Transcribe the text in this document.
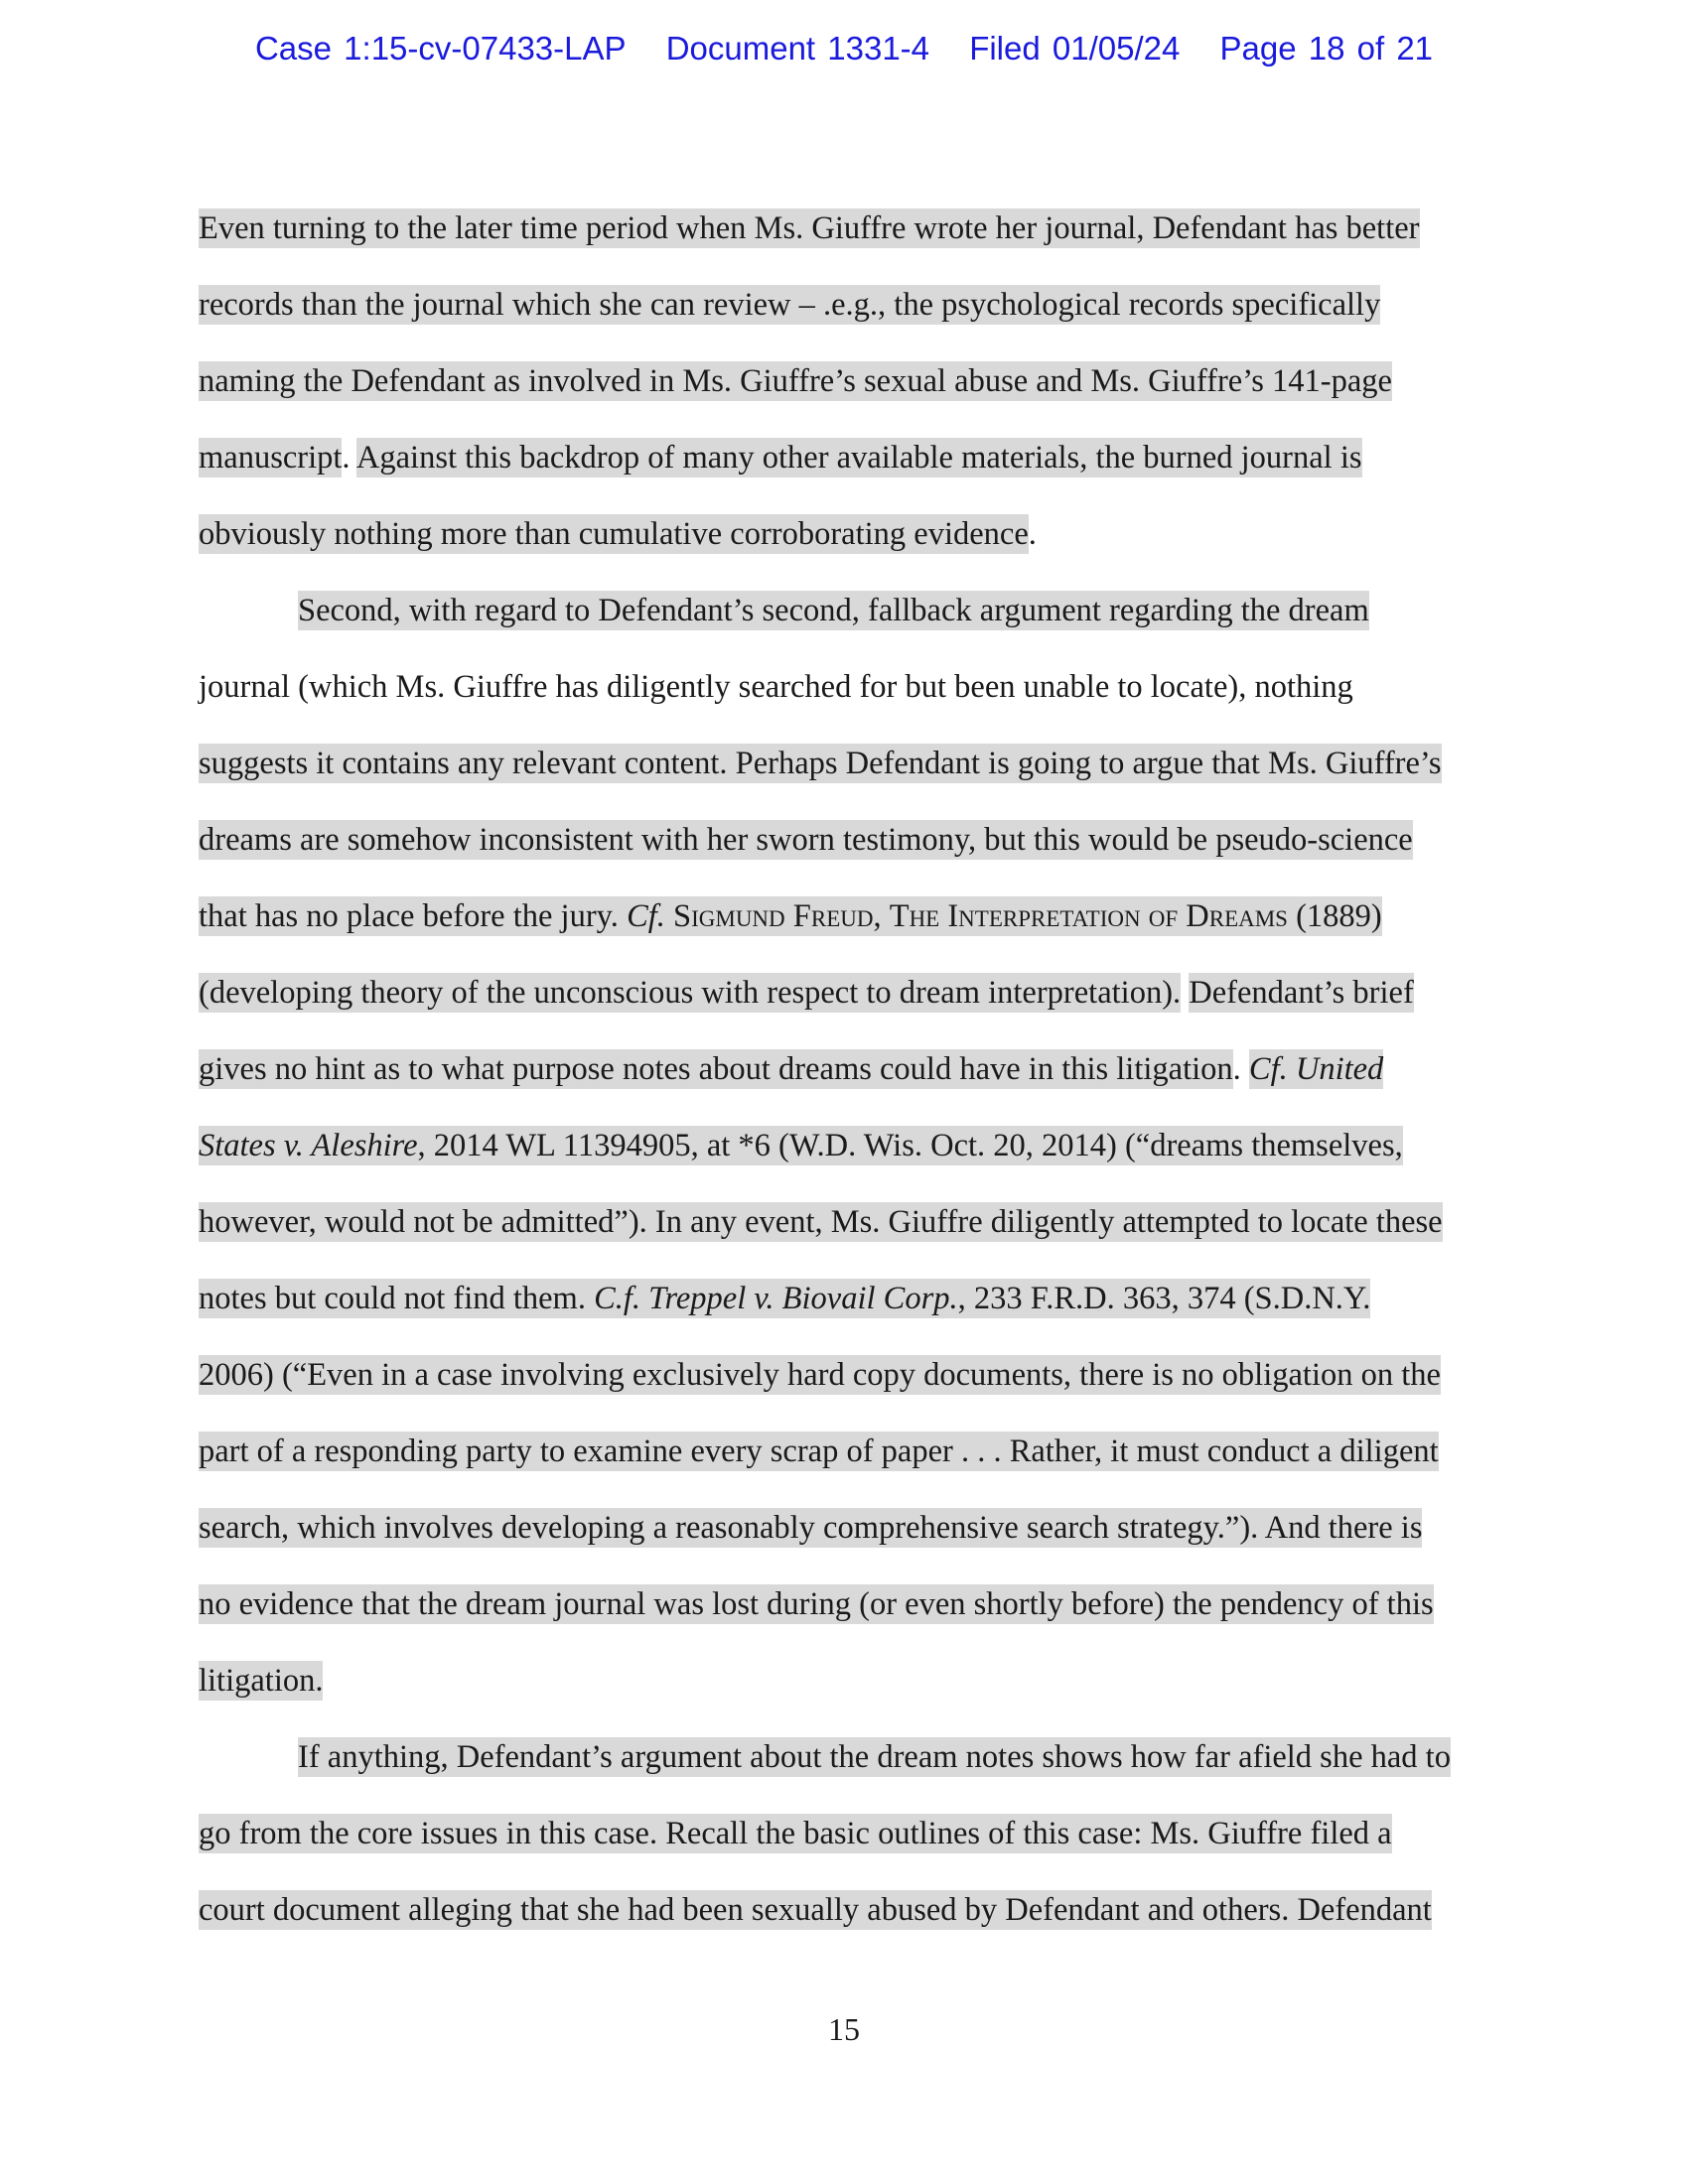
Case 1:15-cv-07433-LAP Document 1331-4 Filed 01/05/24 Page 18 of 21
Even turning to the later time period when Ms. Giuffre wrote her journal, Defendant has better
records than the journal which she can review – .e.g., the psychological records specifically
naming the Defendant as involved in Ms. Giuffre’s sexual abuse and Ms. Giuffre’s 141-page
manuscript. Against this backdrop of many other available materials, the burned journal is
obviously nothing more than cumulative corroborating evidence.
Second, with regard to Defendant’s second, fallback argument regarding the dream
journal (which Ms. Giuffre has diligently searched for but been unable to locate), nothing
suggests it contains any relevant content. Perhaps Defendant is going to argue that Ms. Giuffre’s
dreams are somehow inconsistent with her sworn testimony, but this would be pseudo-science
that has no place before the jury. Cf. Sigmund Freud, The Interpretation of Dreams (1889)
(developing theory of the unconscious with respect to dream interpretation). Defendant’s brief
gives no hint as to what purpose notes about dreams could have in this litigation. Cf. United
States v. Aleshire, 2014 WL 11394905, at *6 (W.D. Wis. Oct. 20, 2014) (“dreams themselves,
however, would not be admitted”). In any event, Ms. Giuffre diligently attempted to locate these
notes but could not find them. C.f. Treppel v. Biovail Corp., 233 F.R.D. 363, 374 (S.D.N.Y.
2006) (“Even in a case involving exclusively hard copy documents, there is no obligation on the
part of a responding party to examine every scrap of paper . . . Rather, it must conduct a diligent
search, which involves developing a reasonably comprehensive search strategy.”). And there is
no evidence that the dream journal was lost during (or even shortly before) the pendency of this
litigation.
If anything, Defendant’s argument about the dream notes shows how far afield she had to
go from the core issues in this case. Recall the basic outlines of this case: Ms. Giuffre filed a
court document alleging that she had been sexually abused by Defendant and others. Defendant
15
